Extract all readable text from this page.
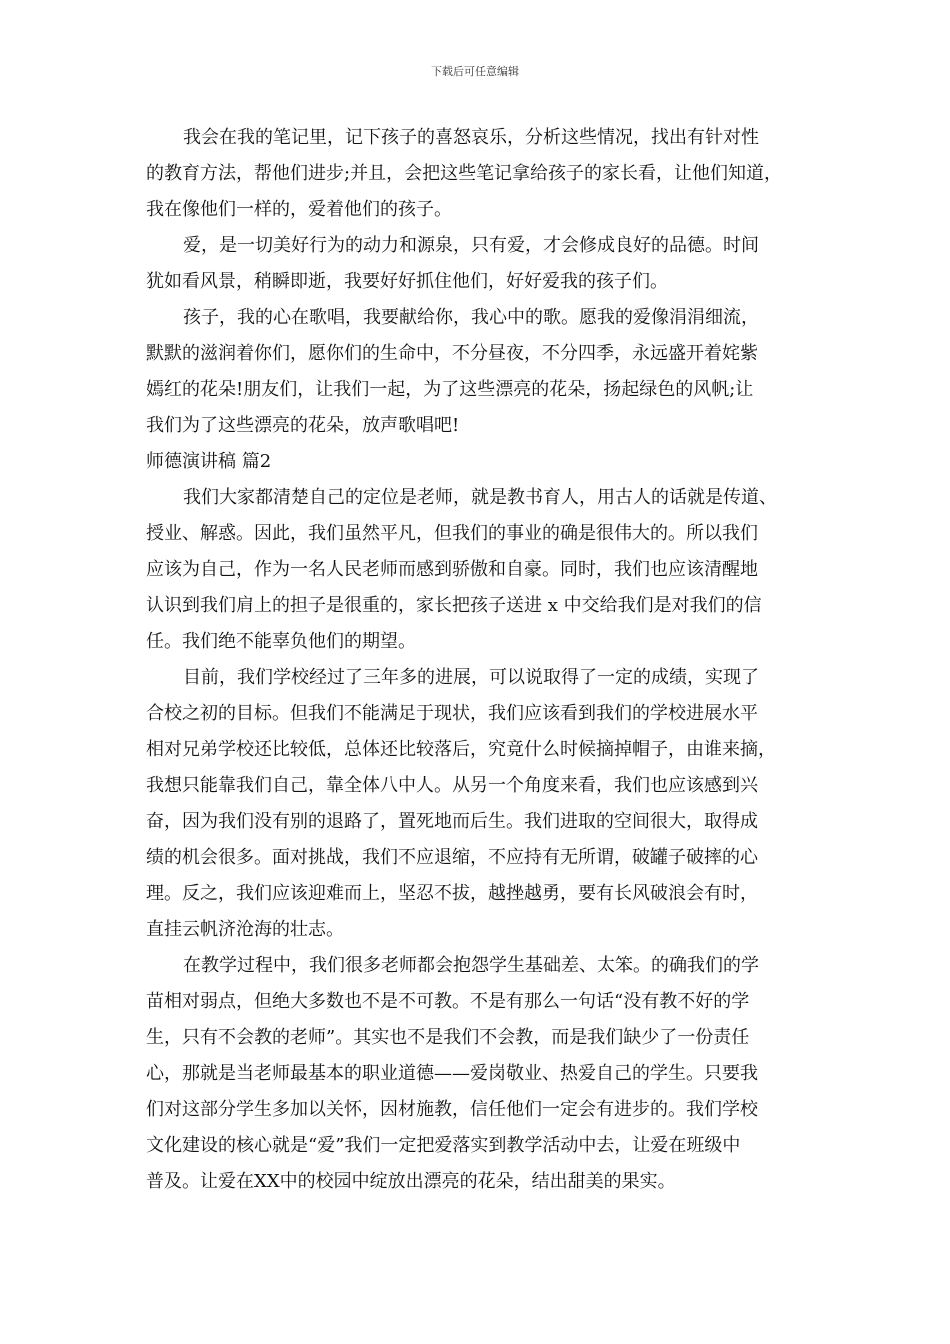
下载后可任意编辑
我会在我的笔记里，记下孩子的喜怒哀乐，分析这些情况，找出有针对性
的教育方法，帮他们进步;并且，会把这些笔记拿给孩子的家长看，让他们知道，
我在像他们一样的，爱着他们的孩子。
爱，是一切美好行为的动力和源泉，只有爱，才会修成良好的品德。时间
犹如看风景，稍瞬即逝，我要好好抓住他们，好好爱我的孩子们。
孩子，我的心在歌唱，我要献给你，我心中的歌。愿我的爱像涓涓细流，
默默的滋润着你们，愿你们的生命中，不分昼夜，不分四季，永远盛开着姹紫
嫣红的花朵!朋友们，让我们一起，为了这些漂亮的花朵，扬起绿色的风帆;让
我们为了这些漂亮的花朵，放声歌唱吧!
师德演讲稿 篇2
我们大家都清楚自己的定位是老师，就是教书育人，用古人的话就是传道、
授业、解惑。因此，我们虽然平凡，但我们的事业的确是很伟大的。所以我们
应该为自己，作为一名人民老师而感到骄傲和自豪。同时，我们也应该清醒地
认识到我们肩上的担子是很重的，家长把孩子送进 x 中交给我们是对我们的信
任。我们绝不能辜负他们的期望。
目前，我们学校经过了三年多的进展，可以说取得了一定的成绩，实现了
合校之初的目标。但我们不能满足于现状，我们应该看到我们的学校进展水平
相对兄弟学校还比较低，总体还比较落后，究竟什么时候摘掉帽子，由谁来摘，
我想只能靠我们自己，靠全体八中人。从另一个角度来看，我们也应该感到兴
奋，因为我们没有别的退路了，置死地而后生。我们进取的空间很大，取得成
绩的机会很多。面对挑战，我们不应退缩，不应持有无所谓，破罐子破摔的心
理。反之，我们应该迎难而上，坚忍不拔，越挫越勇，要有长风破浪会有时，
直挂云帆济沧海的壮志。
在教学过程中，我们很多老师都会抱怨学生基础差、太笨。的确我们的学
苗相对弱点，但绝大多数也不是不可教。不是有那么一句话“没有教不好的学
生，只有不会教的老师”。其实也不是我们不会教，而是我们缺少了一份责任
心，那就是当老师最基本的职业道德——爱岗敬业、热爱自己的学生。只要我
们对这部分学生多加以关怀，因材施教，信任他们一定会有进步的。我们学校
文化建设的核心就是“爱”我们一定把爱落实到教学活动中去，让爱在班级中
普及。让爱在XX中的校园中绽放出漂亮的花朵，结出甜美的果实。
